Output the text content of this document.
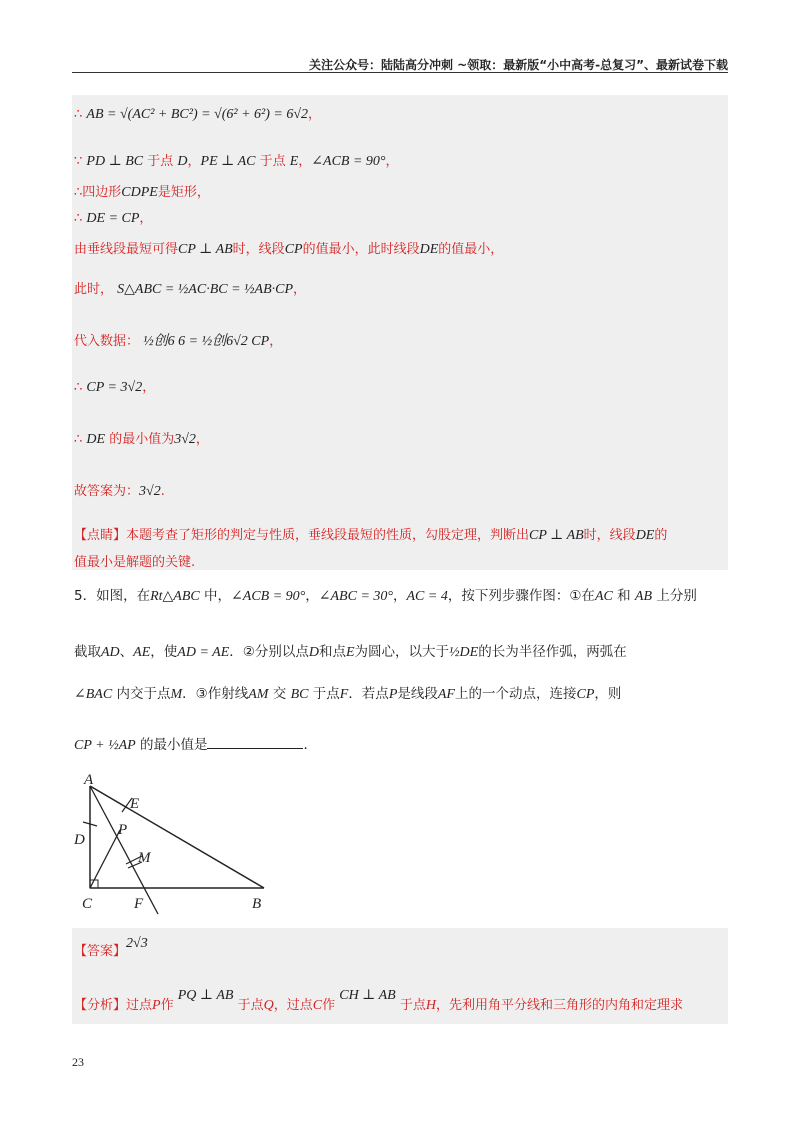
关注公众号：陆陆高分冲刺 ~领取：最新版“小中高考-总复习”、最新试卷下载
∴ AB = √(AC² + BC²) = √(6² + 6²) = 6√2，
∵ PD ⊥ BC 于点 D，PE ⊥ AC 于点 E，∠ACB = 90°，
∴四边形CDPE是矩形，
∴ DE = CP，
由垂线段最短可得CP ⊥ AB时，线段CP的值最小，此时线段DE的值最小，
此时， S△ABC = ½AC·BC = ½AB·CP，
代入数据： ½创6 6 = ½创6√2 CP，
∴ CP = 3√2，
∴ DE 的最小值为3√2，
故答案为：3√2.
【点睛】本题考查了矩形的判定与性质，垂线段最短的性质，勾股定理，判断出CP ⊥ AB时，线段DE的
值最小是解题的关键.
5．如图，在Rt△ABC 中，∠ACB = 90°，∠ABC = 30°，AC = 4，按下列步骤作图：①在AC 和 AB 上分别
截取AD、AE，使AD = AE．②分别以点D和点E为圆心，以大于½DE的长为半径作弧，两弧在
∠BAC 内交于点M．③作射线AM 交 BC 于点F．若点P是线段AF上的一个动点，连接CP，则
CP + ½AP 的最小值是	．
A
E
D
P
M
C	F	B
【答案】2√3
【分析】过点P作 PQ ⊥ AB 于点Q，过点C作 CH ⊥ AB 于点H，先利用角平分线和三角形的内角和定理求
23
